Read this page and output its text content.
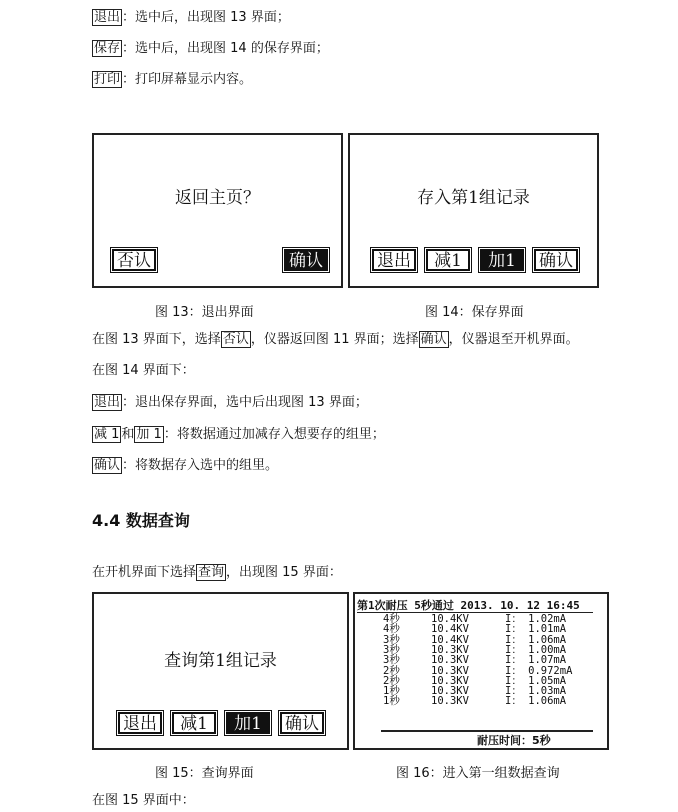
退出 ：选中后，出现图 13 界面；
保存 ：选中后，出现图 14 的保存界面；
打印 ：打印屏幕显示内容。
返回主页？
否认	确认
图 13：退出界面
存入第1组记录
退出	减1	加1	确认
图 14：保存界面
在图 13 界面下，选择 否认 ，仪器返回图 11 界面；选择 确认 ，仪器退至开机界面。
在图 14 界面下：
退出 ：退出保存界面，选中后出现图 13 界面；
减 1 和 加 1 ：将数据通过加减存入想要存的组里；
确认 ：将数据存入选中的组里。
4.4 数据查询
在开机界面下选择 查询 ，出现图 15 界面：
查询第1组记录
退出	减1	加1	确认
图 15：查询界面
第1次耐压 5秒通过 2013. 10. 12 16:45
4秒	10.4KV	I： 1.02mA
4秒	10.4KV	I： 1.01mA
3秒	10.4KV	I： 1.06mA
3秒	10.3KV	I： 1.00mA
3秒	10.3KV	I： 1.07mA
2秒	10.3KV	I： 0.972mA
2秒	10.3KV	I： 1.05mA
1秒	10.3KV	I： 1.03mA
1秒	10.3KV	I： 1.06mA
耐压时间：5秒
图 16：进入第一组数据查询
在图 15 界面中：
